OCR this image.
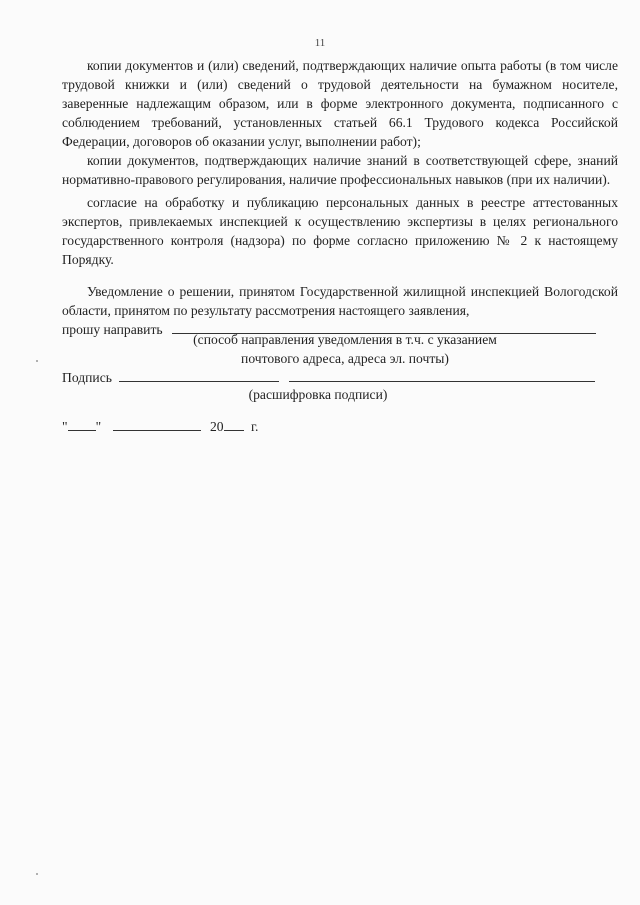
11

копии документов и (или) сведений, подтверждающих наличие опыта работы (в том числе трудовой книжки и (или) сведений о трудовой деятельности на бумажном носителе, заверенные надлежащим образом, или в форме электронного документа, подписанного с соблюдением требований, установленных статьей 66.1 Трудового кодекса Российской Федерации, договоров об оказании услуг, выполнении работ);

копии документов, подтверждающих наличие знаний в соответствующей сфере, знаний нормативно-правового регулирования, наличие профессиональных навыков (при их наличии).

согласие на обработку и публикацию персональных данных в реестре аттестованных экспертов, привлекаемых инспекцией к осуществлению экспертизы в целях регионального государственного контроля (надзора) по форме согласно приложению № 2 к настоящему Порядку.

Уведомление о решении, принятом Государственной жилищной инспекцией Вологодской области, принятом по результату рассмотрения настоящего заявления,
прошу направить

(способ направления уведомления в т.ч. с указанием
почтового адреса, адреса эл. почты)
Подпись
(расшифровка подписи)
" "	20 г.
